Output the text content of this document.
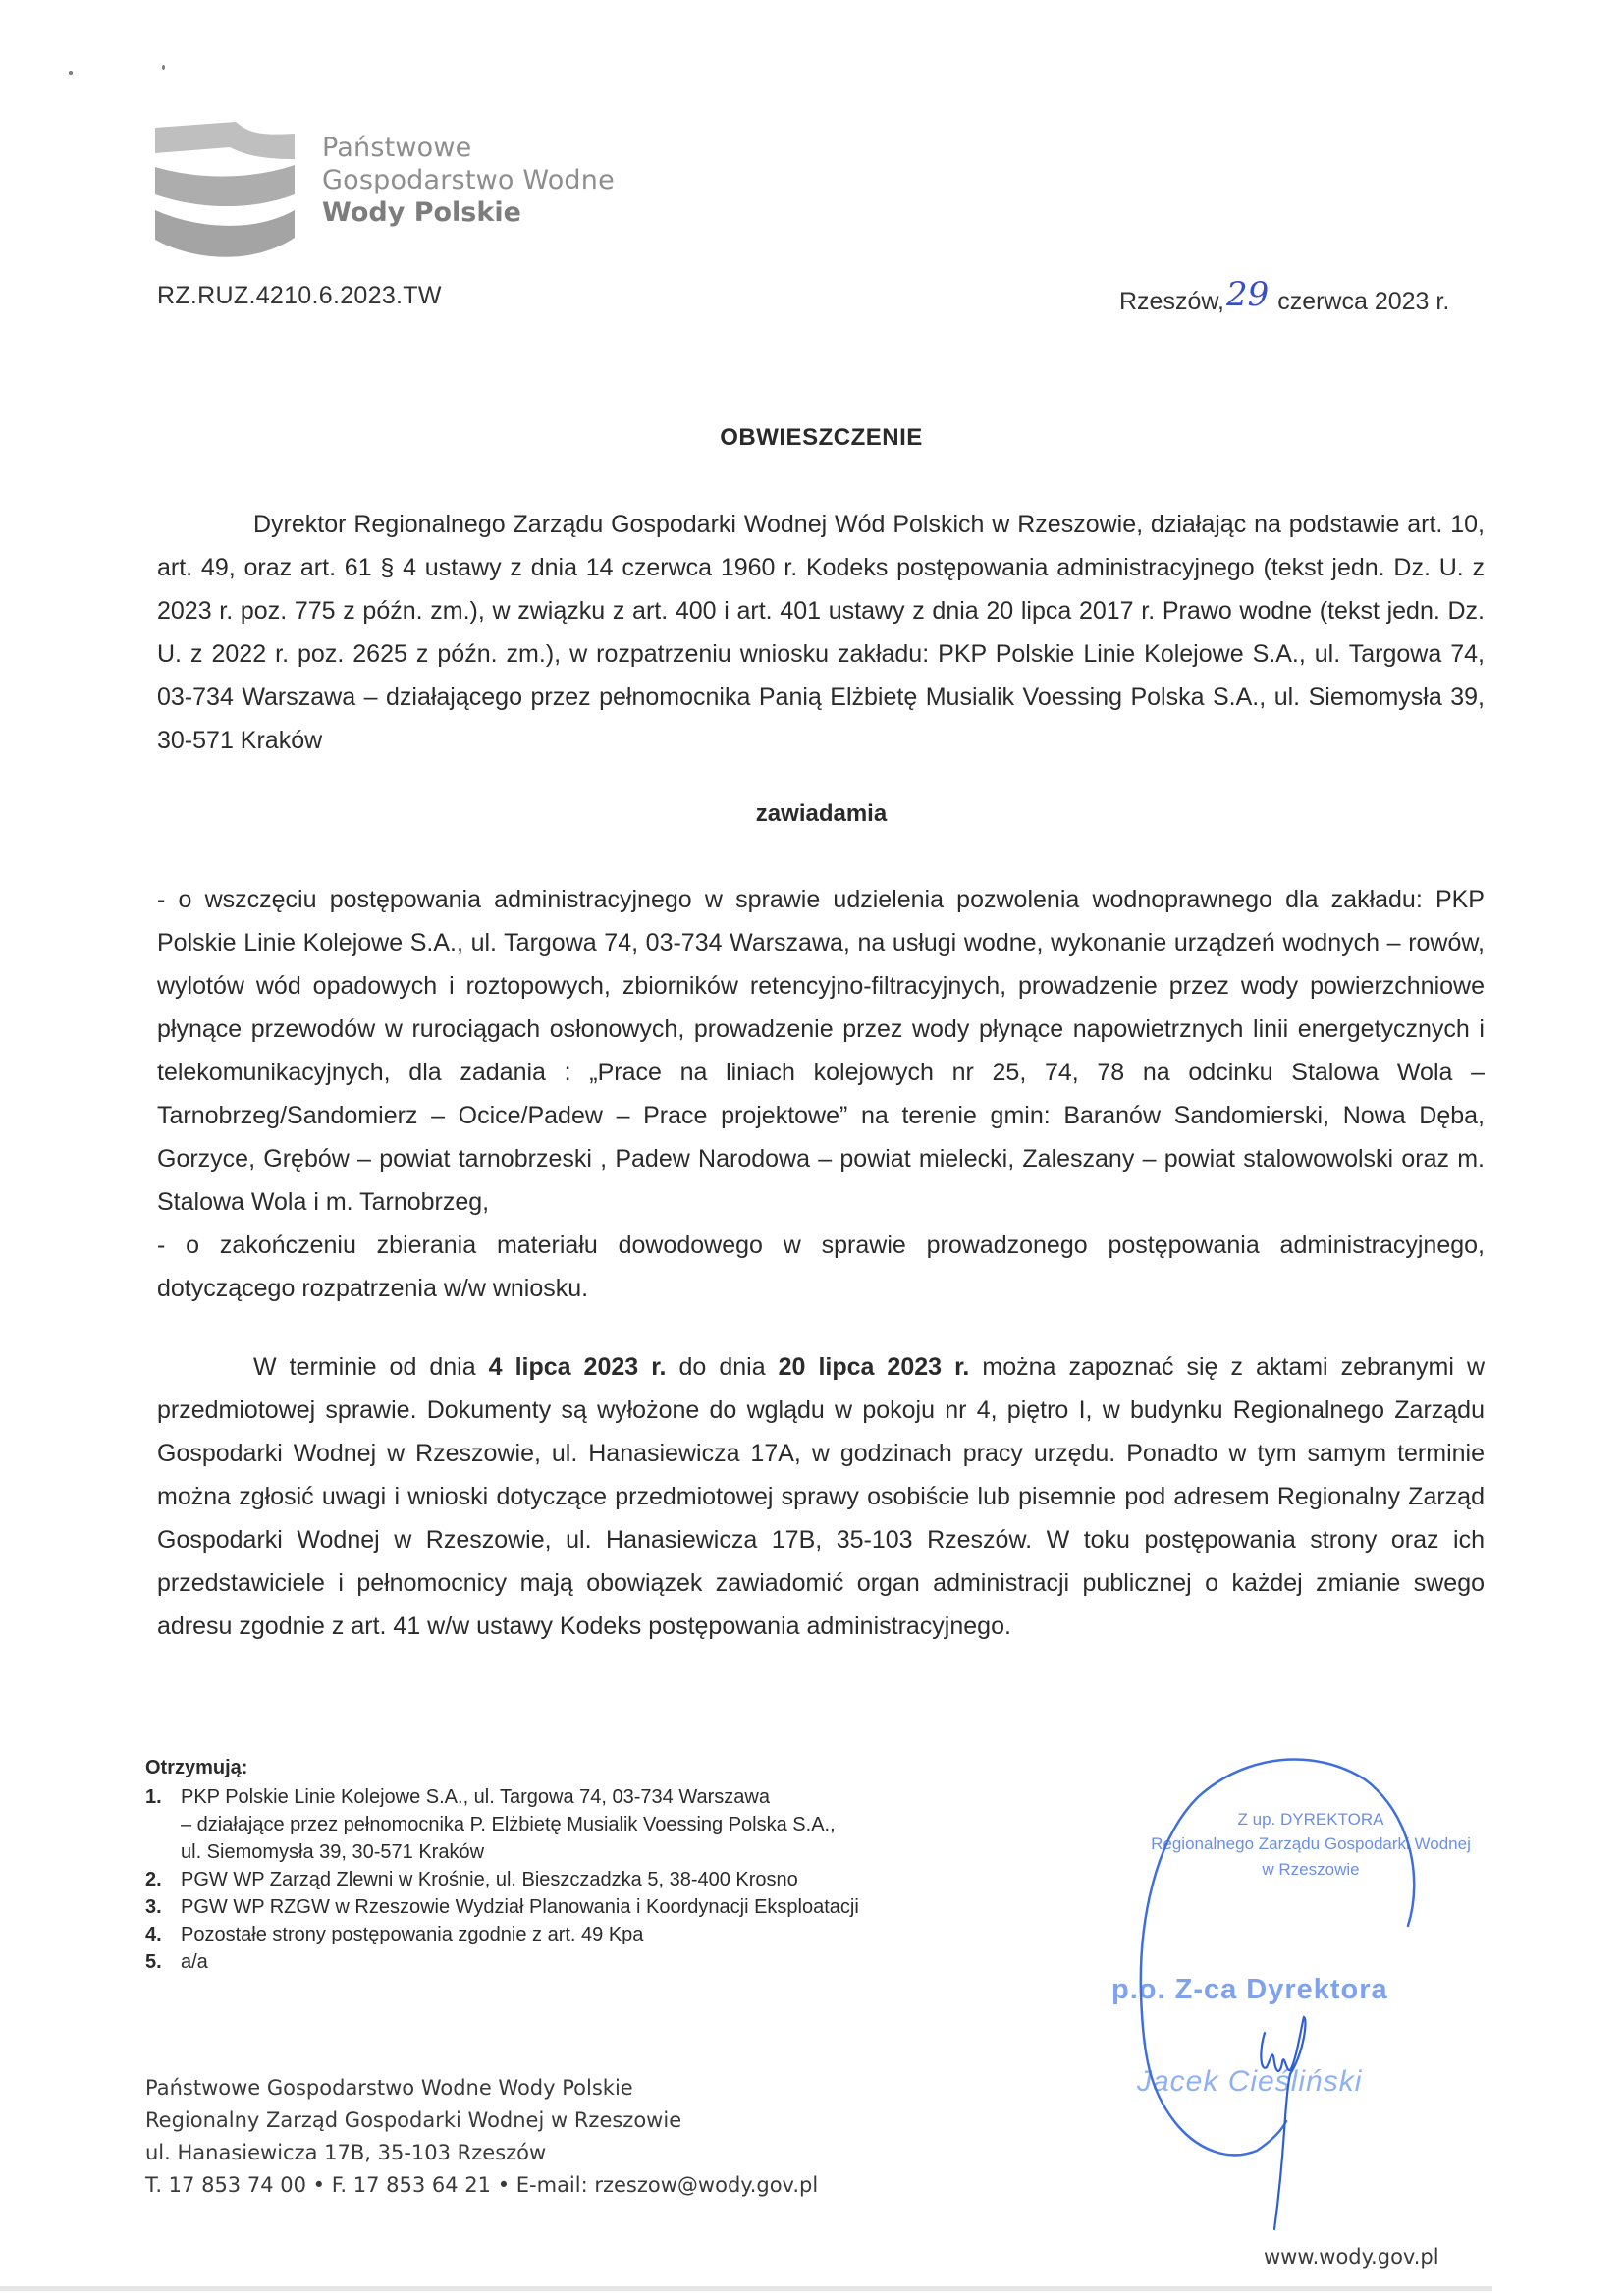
Państwowe
Gospodarstwo Wodne
Wody Polskie
RZ.RUZ.4210.6.2023.TW	Rzeszów,29 czerwca 2023 r.
OBWIESZCZENIE
Dyrektor Regionalnego Zarządu Gospodarki Wodnej Wód Polskich w Rzeszowie, działając na podstawie art. 10, art. 49, oraz art. 61 § 4 ustawy z dnia 14 czerwca 1960 r. Kodeks postępowania administracyjnego (tekst jedn. Dz. U. z 2023 r. poz. 775 z późn. zm.), w związku z art. 400 i art. 401 ustawy z dnia 20 lipca 2017 r. Prawo wodne (tekst jedn. Dz. U. z 2022 r. poz. 2625 z późn. zm.), w rozpatrzeniu wniosku zakładu: PKP Polskie Linie Kolejowe S.A., ul. Targowa 74, 03-734 Warszawa – działającego przez pełnomocnika Panią Elżbietę Musialik Voessing Polska S.A., ul. Siemomysła 39, 30-571 Kraków
zawiadamia
- o wszczęciu postępowania administracyjnego w sprawie udzielenia pozwolenia wodnoprawnego dla zakładu: PKP Polskie Linie Kolejowe S.A., ul. Targowa 74, 03-734 Warszawa, na usługi wodne, wykonanie urządzeń wodnych – rowów, wylotów wód opadowych i roztopowych, zbiorników retencyjno-filtracyjnych, prowadzenie przez wody powierzchniowe płynące przewodów w rurociągach osłonowych, prowadzenie przez wody płynące napowietrznych linii energetycznych i telekomunikacyjnych, dla zadania : „Prace na liniach kolejowych nr 25, 74, 78 na odcinku Stalowa Wola – Tarnobrzeg/Sandomierz – Ocice/Padew – Prace projektowe” na terenie gmin: Baranów Sandomierski, Nowa Dęba, Gorzyce, Grębów – powiat tarnobrzeski , Padew Narodowa – powiat mielecki, Zaleszany – powiat stalowowolski oraz m. Stalowa Wola i m. Tarnobrzeg,
- o zakończeniu zbierania materiału dowodowego w sprawie prowadzonego postępowania administracyjnego, dotyczącego rozpatrzenia w/w wniosku.
W terminie od dnia 4 lipca 2023 r. do dnia 20 lipca 2023 r. można zapoznać się z aktami zebranymi w przedmiotowej sprawie. Dokumenty są wyłożone do wglądu w pokoju nr 4, piętro I, w budynku Regionalnego Zarządu Gospodarki Wodnej w Rzeszowie, ul. Hanasiewicza 17A, w godzinach pracy urzędu. Ponadto w tym samym terminie można zgłosić uwagi i wnioski dotyczące przedmiotowej sprawy osobiście lub pisemnie pod adresem Regionalny Zarząd Gospodarki Wodnej w Rzeszowie, ul. Hanasiewicza 17B, 35-103 Rzeszów. W toku postępowania strony oraz ich przedstawiciele i pełnomocnicy mają obowiązek zawiadomić organ administracji publicznej o każdej zmianie swego adresu zgodnie z art. 41 w/w ustawy Kodeks postępowania administracyjnego.
Otrzymują:
1. PKP Polskie Linie Kolejowe S.A., ul. Targowa 74, 03-734 Warszawa
– działające przez pełnomocnika P. Elżbietę Musialik Voessing Polska S.A.,
ul. Siemomysła 39, 30-571 Kraków
2. PGW WP Zarząd Zlewni w Krośnie, ul. Bieszczadzka 5, 38-400 Krosno
3. PGW WP RZGW w Rzeszowie Wydział Planowania i Koordynacji Eksploatacji
4. Pozostałe strony postępowania zgodnie z art. 49 Kpa
5. a/a
Z up. DYREKTORA
Regionalnego Zarządu Gospodarki Wodnej
w Rzeszowie
p.o. Z-ca Dyrektora
Jacek Cieśliński
Państwowe Gospodarstwo Wodne Wody Polskie
Regionalny Zarząd Gospodarki Wodnej w Rzeszowie
ul. Hanasiewicza 17B, 35-103 Rzeszów
T. 17 853 74 00 • F. 17 853 64 21 • E-mail: rzeszow@wody.gov.pl
www.wody.gov.pl
